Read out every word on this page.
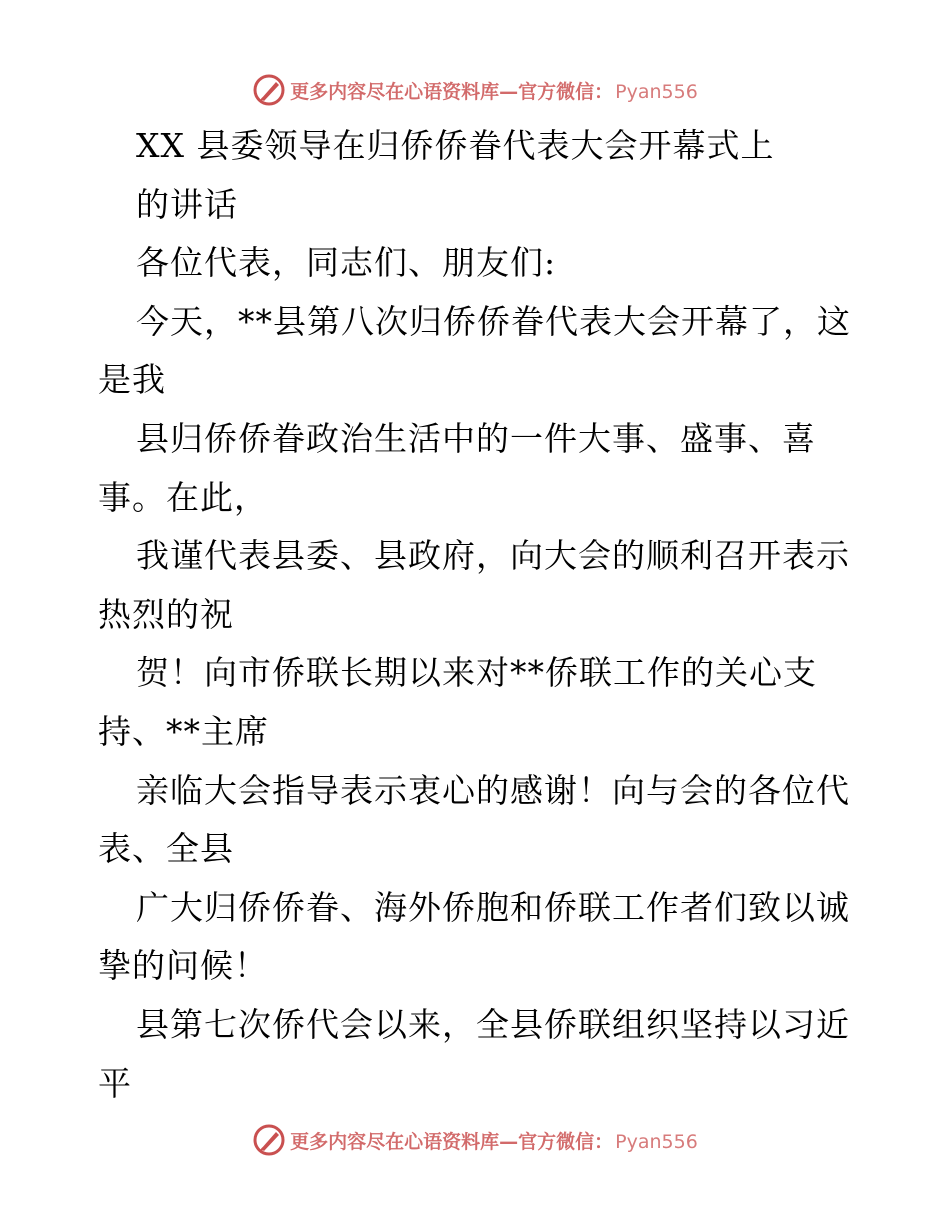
更多内容尽在心语资料库—官方微信： Pyan556
XX 县委领导在归侨侨眷代表大会开幕式上
的讲话
各位代表，同志们、朋友们:
今天，**县第八次归侨侨眷代表大会开幕了，这
是我
县归侨侨眷政治生活中的一件大事、盛事、喜
事。在此，
我谨代表县委、县政府，向大会的顺利召开表示
热烈的祝
贺！向市侨联长期以来对**侨联工作的关心支
持、**主席
亲临大会指导表示衷心的感谢！向与会的各位代
表、全县
广大归侨侨眷、海外侨胞和侨联工作者们致以诚
挚的问候！
县第七次侨代会以来，全县侨联组织坚持以习近
平
更多内容尽在心语资料库—官方微信： Pyan556
